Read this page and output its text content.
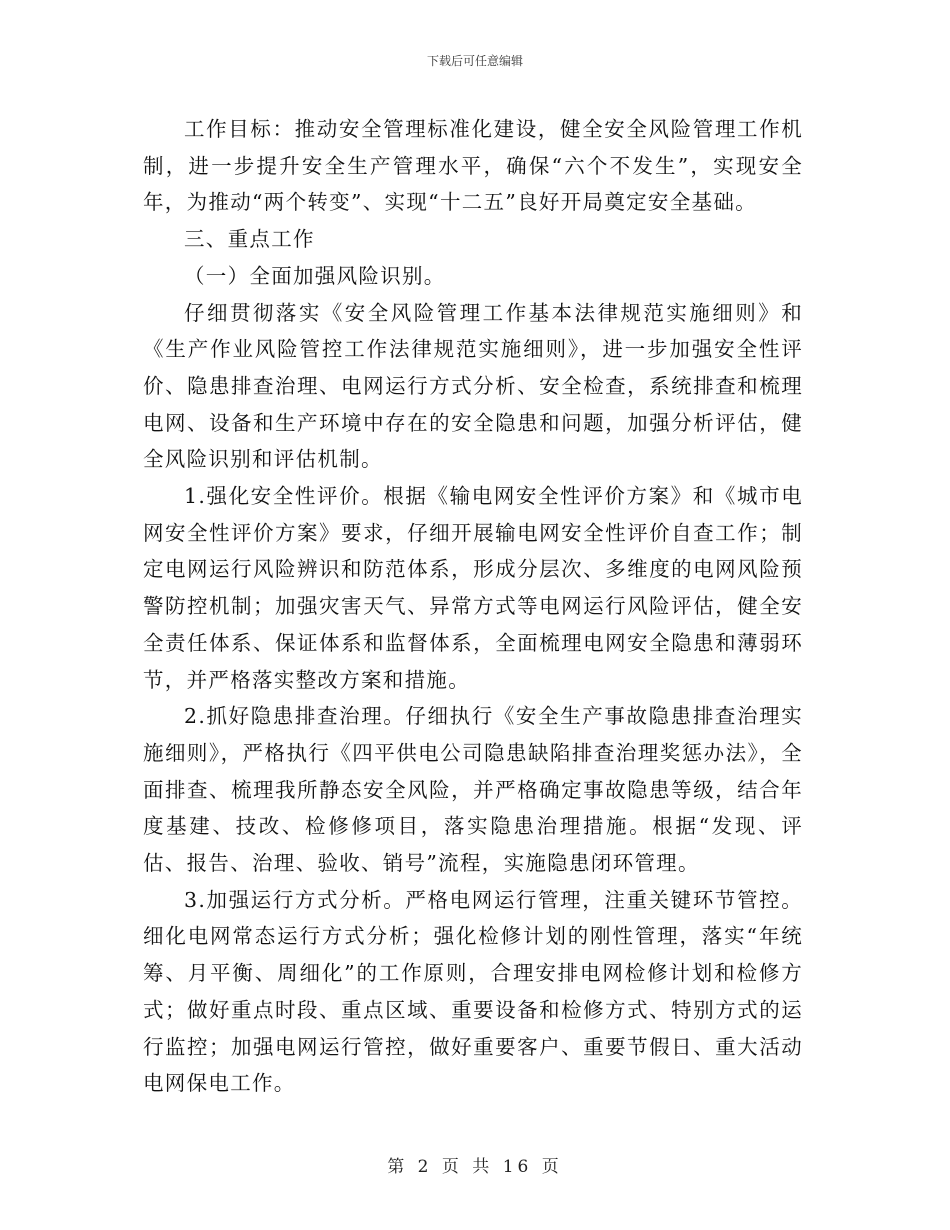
下载后可任意编辑

工作目标：推动安全管理标准化建设，健全安全风险管理工作机制，进一步提升安全生产管理水平，确保“六个不发生”，实现安全年，为推动“两个转变”、实现“十二五”良好开局奠定安全基础。

三、重点工作

（一）全面加强风险识别。

仔细贯彻落实《安全风险管理工作基本法律规范实施细则》和《生产作业风险管控工作法律规范实施细则》，进一步加强安全性评价、隐患排查治理、电网运行方式分析、安全检查，系统排查和梳理电网、设备和生产环境中存在的安全隐患和问题，加强分析评估，健全风险识别和评估机制。

1.强化安全性评价。根据《输电网安全性评价方案》和《城市电网安全性评价方案》要求，仔细开展输电网安全性评价自查工作；制定电网运行风险辨识和防范体系，形成分层次、多维度的电网风险预警防控机制；加强灾害天气、异常方式等电网运行风险评估，健全安全责任体系、保证体系和监督体系，全面梳理电网安全隐患和薄弱环节，并严格落实整改方案和措施。

2.抓好隐患排查治理。仔细执行《安全生产事故隐患排查治理实施细则》，严格执行《四平供电公司隐患缺陷排查治理奖惩办法》，全面排查、梳理我所静态安全风险，并严格确定事故隐患等级，结合年度基建、技改、检修修项目，落实隐患治理措施。根据“发现、评估、报告、治理、验收、销号”流程，实施隐患闭环管理。

3.加强运行方式分析。严格电网运行管理，注重关键环节管控。细化电网常态运行方式分析；强化检修计划的刚性管理，落实“年统筹、月平衡、周细化”的工作原则，合理安排电网检修计划和检修方式；做好重点时段、重点区域、重要设备和检修方式、特别方式的运行监控；加强电网运行管控，做好重要客户、重要节假日、重大活动电网保电工作。

第 2 页 共 16 页
